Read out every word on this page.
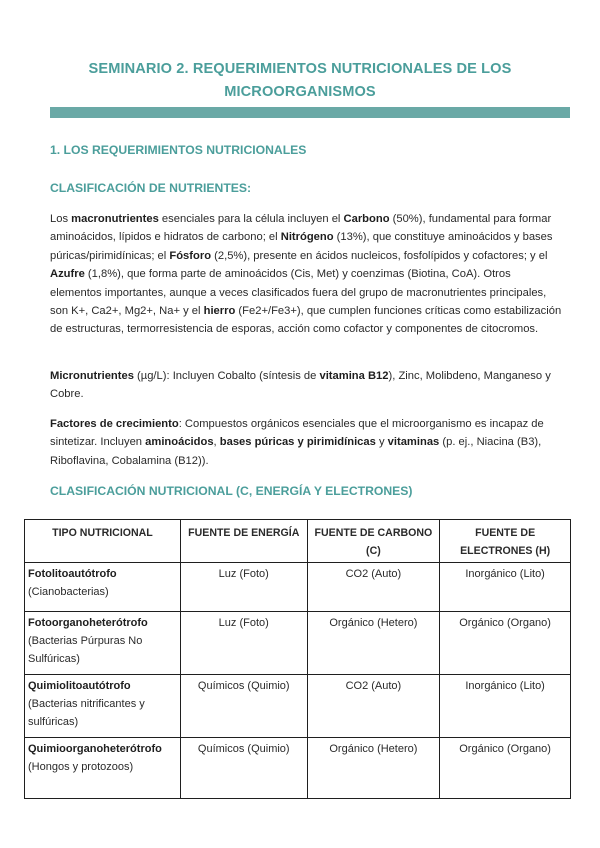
SEMINARIO 2. REQUERIMIENTOS NUTRICIONALES DE LOS
MICROORGANISMOS
1. LOS REQUERIMIENTOS NUTRICIONALES
CLASIFICACIÓN DE NUTRIENTES:

Los macronutrientes esenciales para la célula incluyen el Carbono (50%), fundamental para formar aminoácidos, lípidos e hidratos de carbono; el Nitrógeno (13%), que constituye aminoácidos y bases púricas/pirimidínicas; el Fósforo (2,5%), presente en ácidos nucleicos, fosfolípidos y cofactores; y el Azufre (1,8%), que forma parte de aminoácidos (Cis, Met) y coenzimas (Biotina, CoA). Otros elementos importantes, aunque a veces clasificados fuera del grupo de macronutrientes principales, son K+, Ca2+, Mg2+, Na+ y el hierro (Fe2+/Fe3+), que cumplen funciones críticas como estabilización de estructuras, termorresistencia de esporas, acción como cofactor y componentes de citocromos.

Micronutrientes (µg/L): Incluyen Cobalto (síntesis de vitamina B12), Zinc, Molibdeno, Manganeso y Cobre.

Factores de crecimiento: Compuestos orgánicos esenciales que el microorganismo es incapaz de sintetizar. Incluyen aminoácidos, bases púricas y pirimidínicas y vitaminas (p. ej., Niacina (B3), Riboflavina, Cobalamina (B12)).

CLASIFICACIÓN NUTRICIONAL (C, ENERGÍA Y ELECTRONES)
TIPO NUTRICIONAL	FUENTE DE ENERGÍA	FUENTE DE CARBONO (C)	FUENTE DE ELECTRONES (H)

Fotolitoautótrofo
(Cianobacterias)	Luz (Foto)	CO2 (Auto)	Inorgánico (Lito)

Fotoorganoheterótrofo
(Bacterias Púrpuras No Sulfúricas)	Luz (Foto)	Orgánico (Hetero)	Orgánico (Organo)

Quimiolitoautótrofo
(Bacterias nitrificantes y sulfúricas)	Químicos (Quimio)	CO2 (Auto)	Inorgánico (Lito)

Quimioorganoheterótrofo
(Hongos y protozoos)	Químicos (Quimio)	Orgánico (Hetero)	Orgánico (Organo)
